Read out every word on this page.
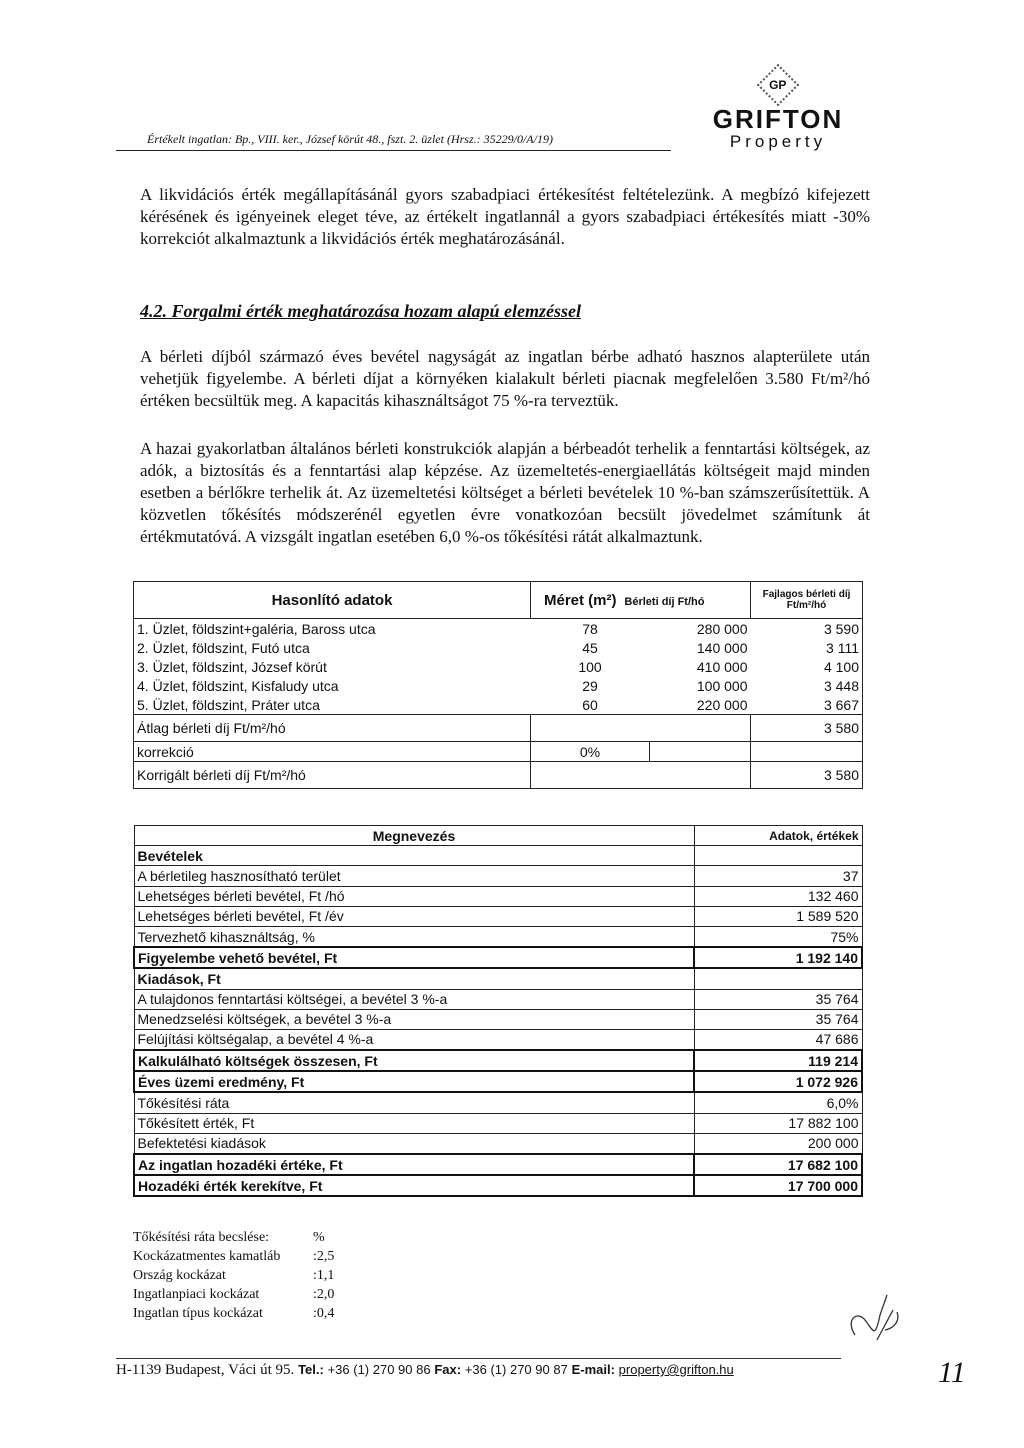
Értékelt ingatlan: Bp., VIII. ker., József körút 48., fszt. 2. üzlet (Hrsz.: 35229/0/A/19)
GP
GRIFTON
Property
A likvidációs érték megállapításánál gyors szabadpiaci értékesítést feltételezünk. A megbízó kifejezett kérésének és igényeinek eleget téve, az értékelt ingatlannál a gyors szabadpiaci értékesítés miatt -30% korrekciót alkalmaztunk a likvidációs érték meghatározásánál.
4.2. Forgalmi érték meghatározása hozam alapú elemzéssel
A bérleti díjból származó éves bevétel nagyságát az ingatlan bérbe adható hasznos alapterülete után vehetjük figyelembe. A bérleti díjat a környéken kialakult bérleti piacnak megfelelően 3.580 Ft/m²/hó értéken becsültük meg. A kapacitás kihasználtságot 75 %-ra terveztük.
A hazai gyakorlatban általános bérleti konstrukciók alapján a bérbeadót terhelik a fenntartási költségek, az adók, a biztosítás és a fenntartási alap képzése. Az üzemeltetés-energiaellátás költségeit majd minden esetben a bérlőkre terhelik át. Az üzemeltetési költséget a bérleti bevételek 10 %-ban számszerűsítettük. A közvetlen tőkésítés módszerénél egyetlen évre vonatkozóan becsült jövedelmet számítunk át értékmutatóvá. A vizsgált ingatlan esetében 6,0 %-os tőkésítési rátát alkalmaztunk.
Hasonlító adatok	Méret (m²) Bérleti díj Ft/hó		Fajlagos bérleti díj Ft/m²/hó
1. Üzlet, földszint+galéria, Baross utca	78	280 000	3 590
2. Üzlet, földszint, Futó utca	45	140 000	3 111
3. Üzlet, földszint, József körút	100	410 000	4 100
4. Üzlet, földszint, Kisfaludy utca	29	100 000	3 448
5. Üzlet, földszint, Práter utca	60	220 000	3 667
Átlag bérleti díj Ft/m²/hó			3 580
korrekció	0%		
Korrigált bérleti díj Ft/m²/hó			3 580
Megnevezés	Adatok, értékek
Bevételek	
A bérletileg hasznosítható terület	37
Lehetséges bérleti bevétel, Ft /hó	132 460
Lehetséges bérleti bevétel, Ft /év	1 589 520
Tervezhető kihasználtság, %	75%
Figyelembe vehető bevétel, Ft	1 192 140
Kiadások, Ft	
A tulajdonos fenntartási költségei, a bevétel 3 %-a	35 764
Menedzselési költségek, a bevétel 3 %-a	35 764
Felújítási költségalap, a bevétel 4 %-a	47 686
Kalkulálható költségek összesen, Ft	119 214
Éves üzemi eredmény, Ft	1 072 926
Tőkésítési ráta	6,0%
Tőkésített érték, Ft	17 882 100
Befektetési kiadások	200 000
Az ingatlan hozadéki értéke, Ft	17 682 100
Hozadéki érték kerekítve, Ft	17 700 000
Tőkésítési ráta becslése:	%
Kockázatmentes kamatláb	:2,5
Ország kockázat	:1,1
Ingatlanpiaci kockázat	:2,0
Ingatlan típus kockázat	:0,4
H-1139 Budapest, Váci út 95. Tel.: +36 (1) 270 90 86 Fax: +36 (1) 270 90 87 E-mail: property@grifton.hu	11
